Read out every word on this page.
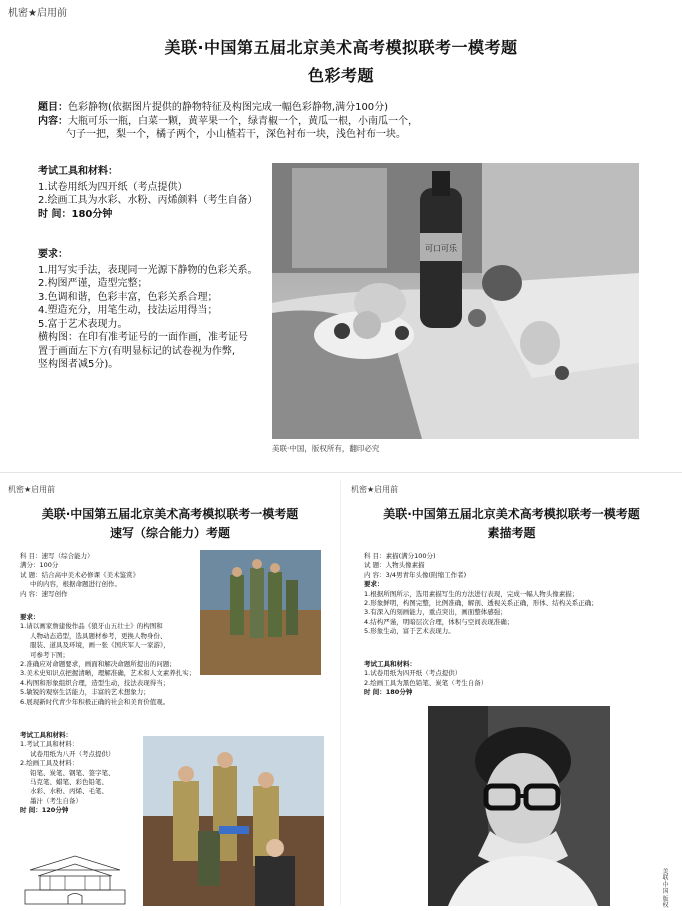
机密★启用前
美联·中国第五届北京美术高考模拟联考一模考题
色彩考题
题目：色彩静物(依据图片提供的静物特征及构图完成一幅色彩静物,满分100分)
内容：大瓶可乐一瓶，白菜一颗，黄苹果一个，绿青椒一个，黄瓜一根，小南瓜一个，
勺子一把，梨一个，橘子两个，小山楂若干，深色衬布一块，浅色衬布一块。
考试工具和材料：
1.试卷用纸为四开纸（考点提供）
2.绘画工具为水彩、水粉、丙烯颜料（考生自备）
时 间：180分钟
要求：
1.用写实手法，表现同一光源下静物的色彩关系。
2.构图严谨，造型完整；
3.色调和谐，色彩丰富，色彩关系合理；
4.塑造充分，用笔生动，技法运用得当；
5.富于艺术表现力。
横构图：在印有准考证号的一面作画，准考证号
置于画面左下方(有明显标记的试卷视为作弊,
竖构图者减5分)。
可口可乐
美联·中国，版权所有，翻印必究
机密★启用前
美联·中国第五届北京美术高考模拟联考一模考题
速写（综合能力）考题
科 目：速写（综合能力）
满分：100分
试 题：结合高中美术必修课《美术鉴赏》
中的内容，根据命题进行创作。
内 容：速写创作
要求：
1.请以画家詹建俊作品《狼牙山五壮士》的构图和
人物动态造型，选具题材参考，更换人物身份、
服装、道具及环境，画一张《国庆军人一家游》，
可参考下图；
2.准确应对命题要求，画面和解决命题所提出的问题；
3.美术史知识点把握清晰，理解准确，艺术和人文素养扎实；
4.构图和形象组织合理，造型生动，技法表现得当；
5.敏锐的观察生活能力，丰富的艺术想象力；
6.展现新时代青少年积极正确的社会和美育价值观。
考试工具和材料：
1.考试工具和材料：
试卷用纸为八开（考点提供）
2.绘画工具及材料：
铅笔、炭笔、钢笔、签字笔、
马克笔、蜡笔、彩色铅笔、
水彩、水粉、丙烯、毛笔、
墨汁（考生自备）
时 间：120分钟
机密★启用前
美联·中国第五届北京美术高考模拟联考一模考题
素描考题
科 目：素描(满分100分)
试 题：人物头像素描
内 容：3/4男青年头像(附缩工作者)
要求：
1.根据所图所示，选用素描写生的方法进行表现，完成一幅人物头像素描；
2.形象鲜明，构图完整，比例准确，解剖、透视关系正确，形体、结构关系正确；
3.有深入的刻画能力，重点突出，画面整体感强；
4.结构严谨，明暗层次合理，体积与空间表现准确；
5.形象生动，富于艺术表现力。
考试工具和材料：
1.试卷用纸为四开纸（考点提供）
2.绘画工具为黑色铅笔、炭笔（考生自备）
时 间：180分钟
美联·中国 版权
